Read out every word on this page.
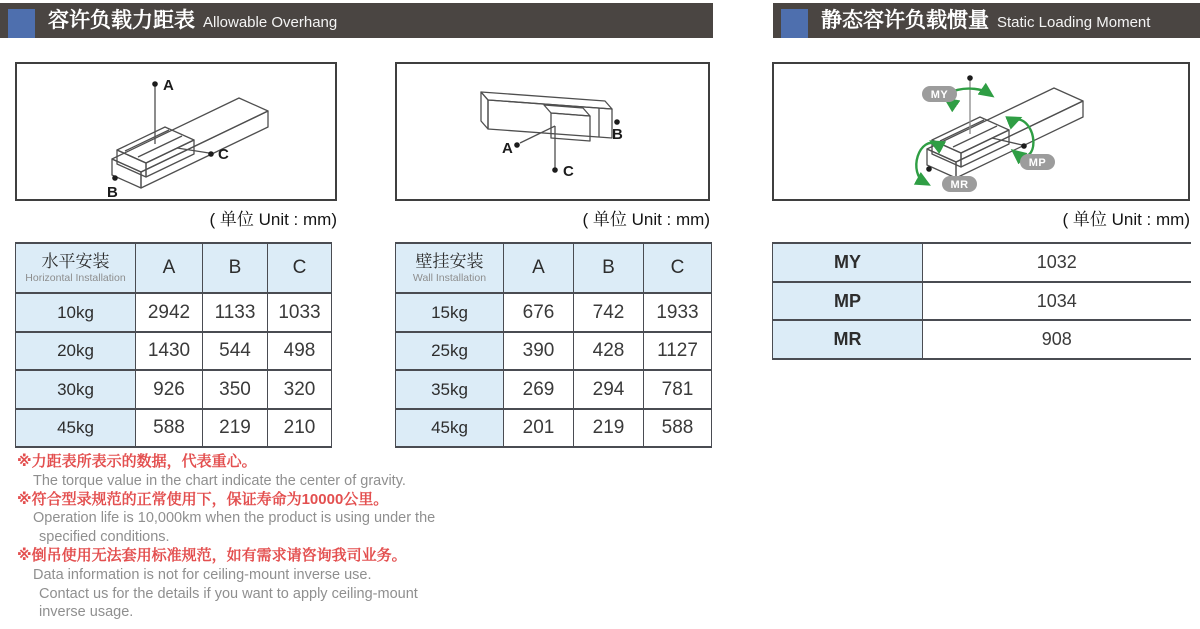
容许负载力距表 Allowable Overhang	静态容许负载惯量 Static Loading Moment
A
B
C
( 单位 Unit : mm)
A
C
B
( 单位 Unit : mm)
MY
MP
MR
( 单位 Unit : mm)
水平安装
Horizontal Installation	A	B	C
10kg	2942	1133	1033
20kg	1430	544	498
30kg	926	350	320
45kg	588	219	210
壁挂安装
Wall Installation	A	B	C
15kg	676	742	1933
25kg	390	428	1127
35kg	269	294	781
45kg	201	219	588
MY	1032
MP	1034
MR	908
※力距表所表示的数据，代表重心。
The torque value in the chart indicate the center of gravity.
※符合型录规范的正常使用下，保证寿命为10000公里。
Operation life is 10,000km when the product is using under the
specified conditions.
※倒吊使用无法套用标准规范，如有需求请咨询我司业务。
Data information is not for ceiling-mount inverse use.
Contact us for the details if you want to apply ceiling-mount
inverse usage.
